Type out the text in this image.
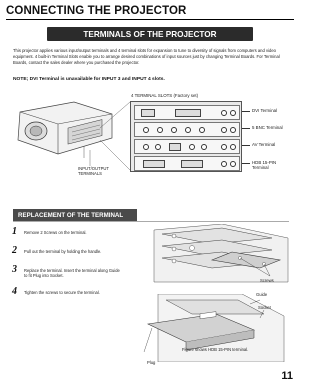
CONNECTING THE PROJECTOR
TERMINALS OF THE PROJECTOR
This projector applies various input/output terminals and 4 terminal slots for expansion to tune to diversity of signals from computers and video equipment. 4 built-in Terminal Slots enable you to arrange desired combinations of input sources just by changing Terminal Boards. For Terminal Boards, contact the sales dealer where you purchased the projector.
NOTE; DVI Terminal is unavailable for INPUT 3 and INPUT 4 slots.
4 TERMINAL SLOTS (Factory set)
DVI Terminal
5 BNC Terminal
AV Terminal
HDB 15-PIN
Terminal
INPUT/OUTPUT
TERMINALS
REPLACEMENT OF THE TERMINAL
1 Remove 2 Screws on the terminal.
2 Pull out the terminal by holding the handle.
3 Replace the terminal. Insert the terminal along Guide to fit Plug into Socket.
4 Tighten the screws to secure the terminal.
Screws
Guide
Socket
Plug
Figure shows HDB 15-PIN terminal.
11
